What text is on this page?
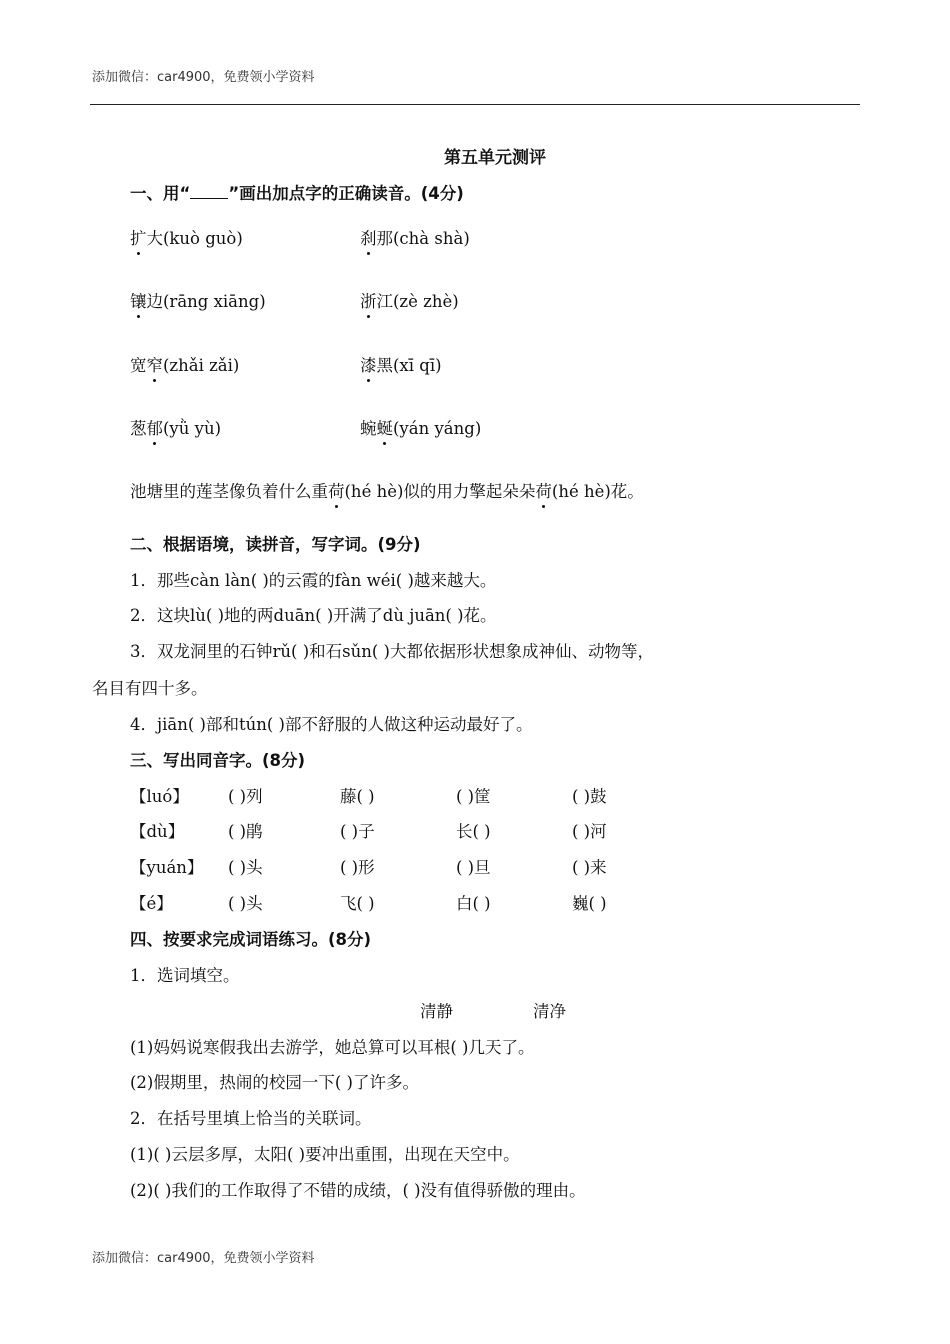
添加微信：car4900，免费领小学资料
第五单元测评
一、用“ ”画出加点字的正确读音。(4分)
扩大(kuò guò)	刹那(chà shà)
镶边(rāng xiāng)	浙江(zè zhè)
宽窄(zhǎi zǎi)	漆黑(xī qī)
葱郁(yǜ yù)	蜿蜒(yán yáng)
池塘里的莲茎像负着什么重荷(hé hè)似的用力擎起朵朵荷(hé hè)花。
二、根据语境，读拼音，写字词。(9分)
1．那些càn làn( )的云霞的fàn wéi( )越来越大。
2．这块lù( )地的两duān( )开满了dù juān( )花。
3．双龙洞里的石钟rǔ( )和石sǔn( )大都依据形状想象成神仙、动物等，
名目有四十多。
4．jiān( )部和tún( )部不舒服的人做这种运动最好了。
三、写出同音字。(8分)
【luó】 ( )列	藤( )	( )筐	( )鼓
【dù】	( )鹃	( )子	长( )	( )河
【yuán】 ( )头	( )形	( )旦	( )来
【é】	( )头	飞( )	白( )	巍( )
四、按要求完成词语练习。(8分)
1．选词填空。
清静	清净
(1)妈妈说寒假我出去游学，她总算可以耳根( )几天了。
(2)假期里，热闹的校园一下( )了许多。
2．在括号里填上恰当的关联词。
(1)( )云层多厚，太阳( )要冲出重围，出现在天空中。
(2)( )我们的工作取得了不错的成绩，( )没有值得骄傲的理由。
添加微信：car4900，免费领小学资料
